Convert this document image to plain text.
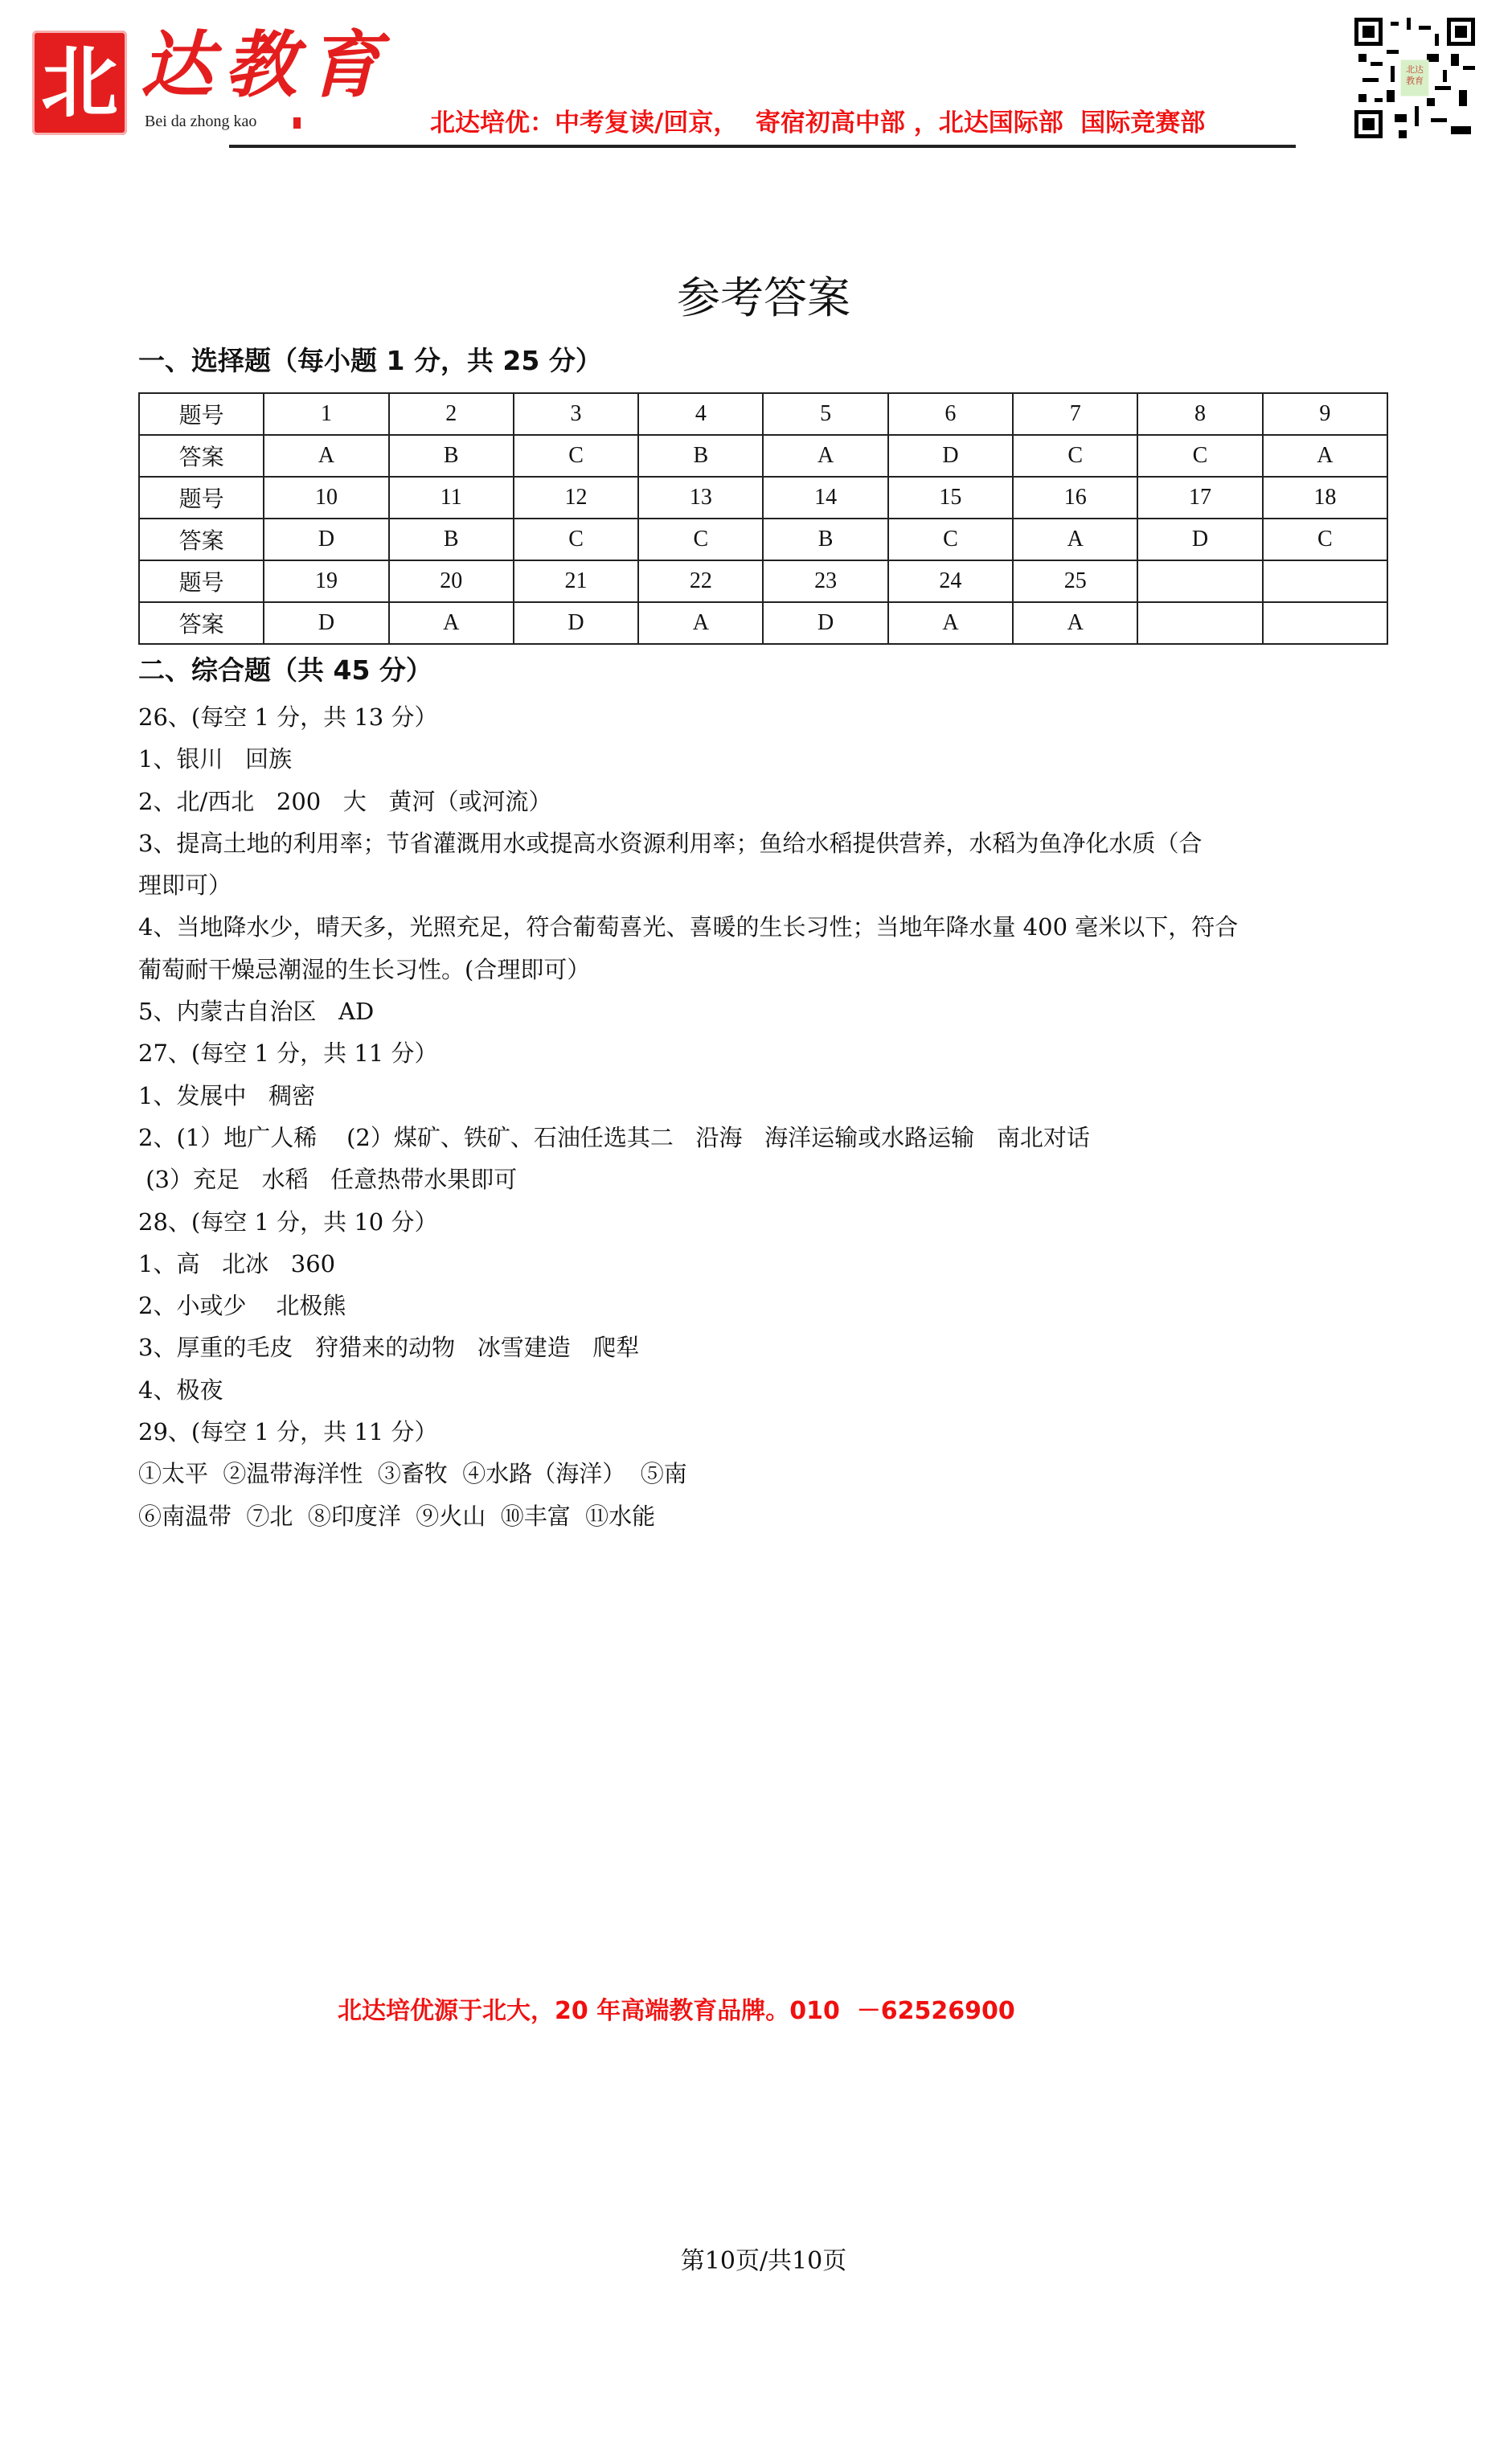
北 达教育
Bei da zhong kao	北达培优：中考复读/回京，  寄宿初高中部 ，北达国际部  国际竞赛部
北达教育
参考答案
一、选择题（每小题 1 分，共 25 分）
题号	1	2	3	4	5	6	7	8	9
答案	A	B	C	B	A	D	C	C	A
题号	10	11	12	13	14	15	16	17	18
答案	D	B	C	C	B	C	A	D	C
题号	19	20	21	22	23	24	25		
答案	D	A	D	A	D	A	A		
二、综合题（共 45 分）
26、(每空 1 分，共 13 分）
1、银川   回族
2、北/西北   200   大   黄河（或河流）
3、提高土地的利用率；节省灌溉用水或提高水资源利用率；鱼给水稻提供营养，水稻为鱼净化水质（合
理即可）
4、当地降水少，晴天多，光照充足，符合葡萄喜光、喜暖的生长习性；当地年降水量 400 毫米以下，符合
葡萄耐干燥忌潮湿的生长习性。(合理即可）
5、内蒙古自治区   AD
27、(每空 1 分，共 11 分）
1、发展中   稠密
2、(1）地广人稀    (2）煤矿、铁矿、石油任选其二   沿海   海洋运输或水路运输   南北对话
(3）充足   水稻   任意热带水果即可
28、(每空 1 分，共 10 分）
1、高   北冰   360
2、小或少    北极熊
3、厚重的毛皮   狩猎来的动物   冰雪建造   爬犁
4、极夜
29、(每空 1 分，共 11 分）
①太平  ②温带海洋性  ③畜牧  ④水路（海洋）  ⑤南
⑥南温带  ⑦北  ⑧印度洋  ⑨火山  ⑩丰富  ⑪水能
北达培优源于北大，20 年高端教育品牌。010  －62526900
第10页/共10页
